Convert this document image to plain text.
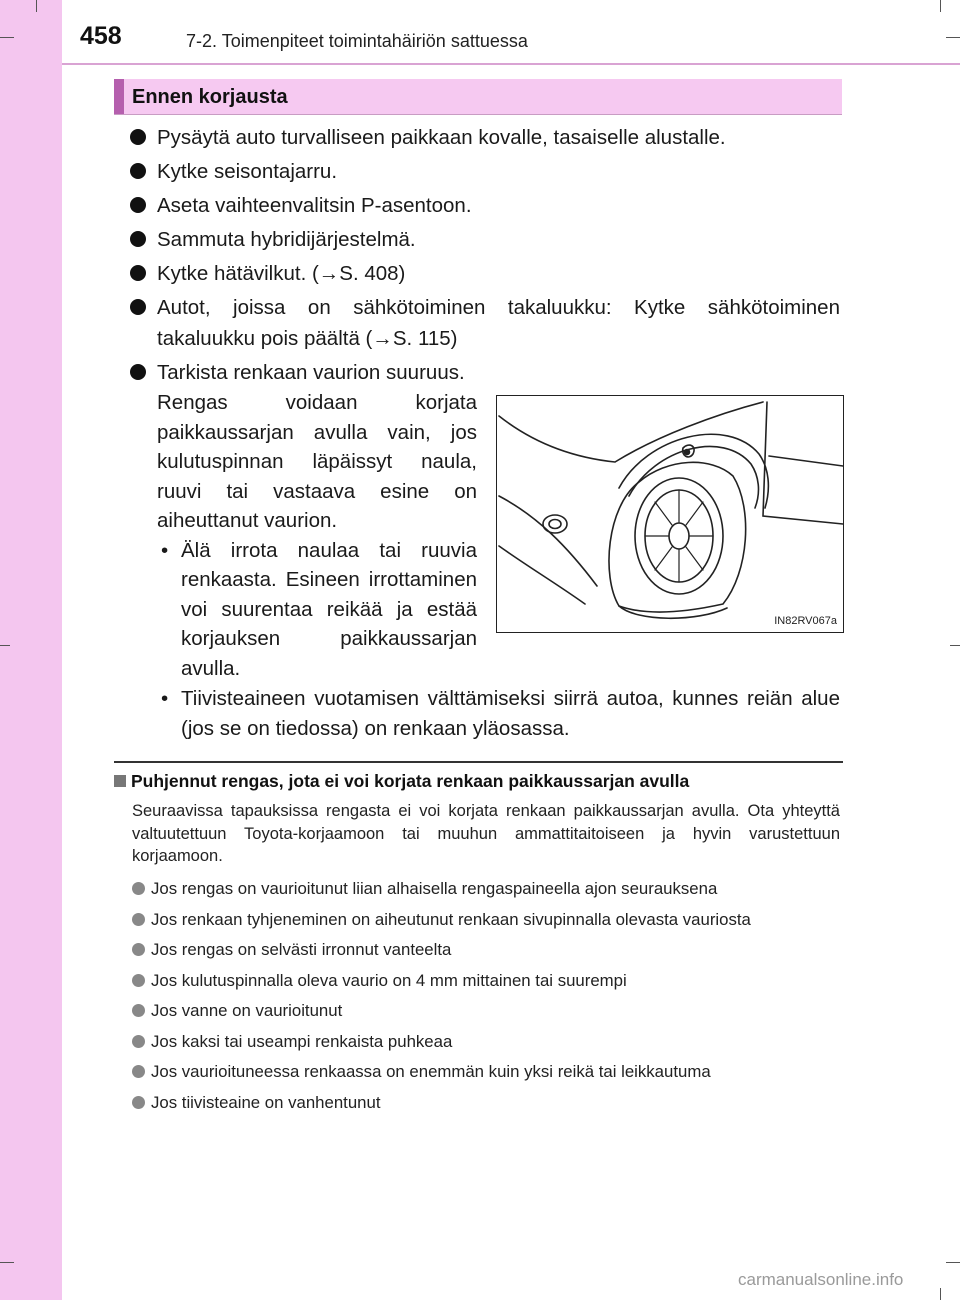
458	7-2. Toimenpiteet toimintahäiriön sattuessa
Ennen korjausta
Pysäytä auto turvalliseen paikkaan kovalle, tasaiselle alustalle.
Kytke seisontajarru.
Aseta vaihteenvalitsin P-asentoon.
Sammuta hybridijärjestelmä.
Kytke hätävilkut. (→S. 408)
Autot, joissa on sähkötoiminen takaluukku: Kytke sähkötoiminen takaluukku pois päältä (→S. 115)
Tarkista renkaan vaurion suuruus.
Rengas voidaan korjata paikkaussarjan avulla vain, jos kulutuspinnan läpäissyt naula, ruuvi tai vastaava esine on aiheuttanut vaurion.
• Älä irrota naulaa tai ruuvia renkaasta. Esineen irrottaminen voi suurentaa reikää ja estää korjauksen paikkaussarjan avulla.
• Tiivisteaineen vuotamisen välttämiseksi siirrä autoa, kunnes reiän alue (jos se on tiedossa) on renkaan yläosassa.
IN82RV067a
Puhjennut rengas, jota ei voi korjata renkaan paikkaussarjan avulla
Seuraavissa tapauksissa rengasta ei voi korjata renkaan paikkaussarjan avulla. Ota yhteyttä valtuutettuun Toyota-korjaamoon tai muuhun ammattitaitoiseen ja hyvin varustettuun korjaamoon.
Jos rengas on vaurioitunut liian alhaisella rengaspaineella ajon seurauksena
Jos renkaan tyhjeneminen on aiheutunut renkaan sivupinnalla olevasta vauriosta
Jos rengas on selvästi irronnut vanteelta
Jos kulutuspinnalla oleva vaurio on 4 mm mittainen tai suurempi
Jos vanne on vaurioitunut
Jos kaksi tai useampi renkaista puhkeaa
Jos vaurioituneessa renkaassa on enemmän kuin yksi reikä tai leikkautuma
Jos tiivisteaine on vanhentunut
carmanualsonline.info
